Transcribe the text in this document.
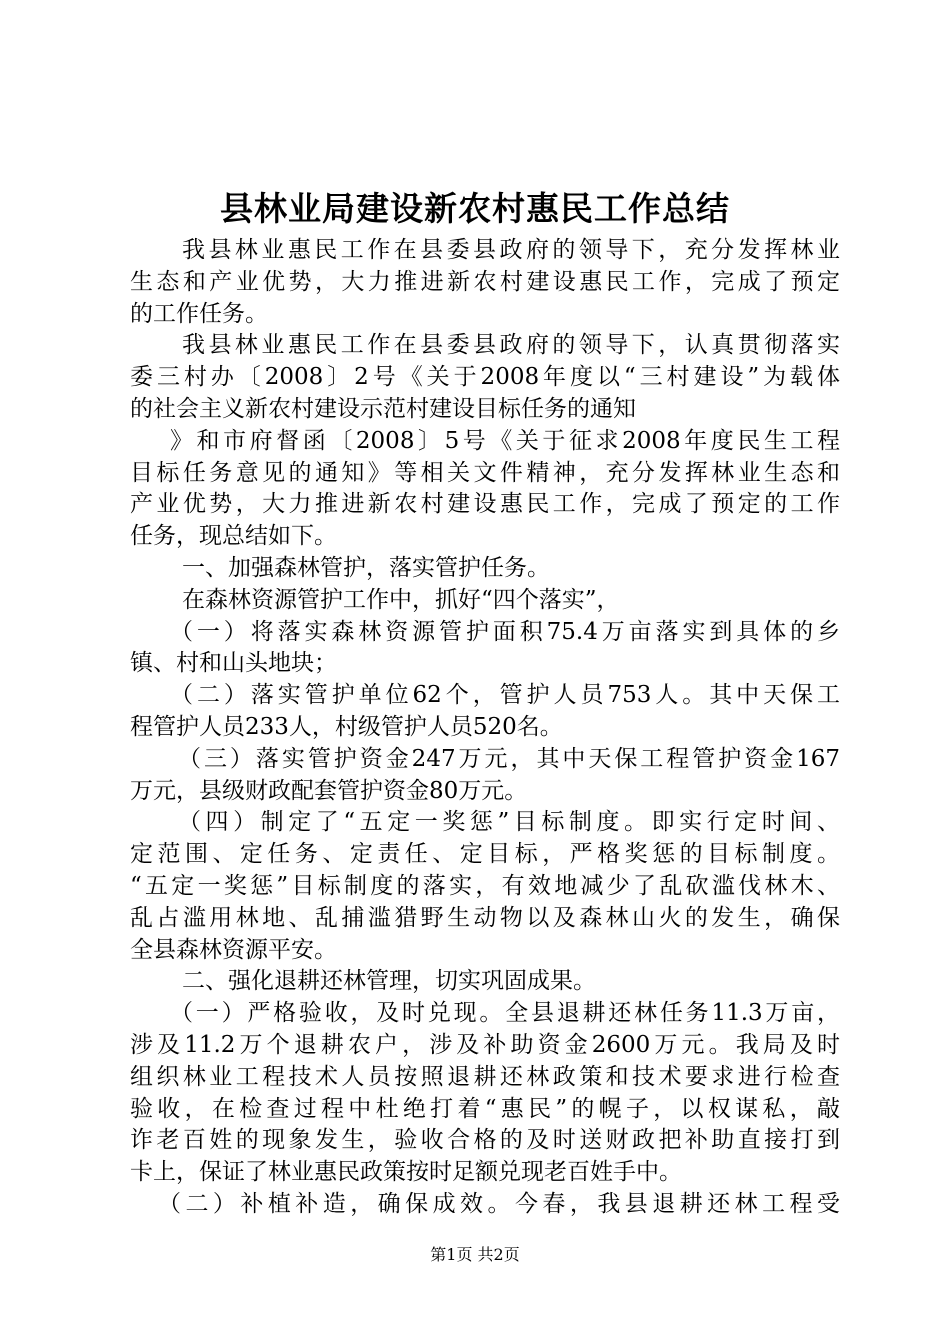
县林业局建设新农村惠民工作总结
我县林业惠民工作在县委县政府的领导下，充分发挥林业
生态和产业优势，大力推进新农村建设惠民工作，完成了预定
的工作任务。
我县林业惠民工作在县委县政府的领导下，认真贯彻落实
委三村办〔2008〕2号《关于2008年度以“三村建设”为载体
的社会主义新农村建设示范村建设目标任务的通知
》和市府督函〔2008〕5号《关于征求2008年度民生工程
目标任务意见的通知》等相关文件精神，充分发挥林业生态和
产业优势，大力推进新农村建设惠民工作，完成了预定的工作
任务，现总结如下。
一、加强森林管护，落实管护任务。
在森林资源管护工作中，抓好“四个落实”，
（一）将落实森林资源管护面积75.4万亩落实到具体的乡
镇、村和山头地块；
（二）落实管护单位62个，管护人员753人。其中天保工
程管护人员233人，村级管护人员520名。
（三）落实管护资金247万元，其中天保工程管护资金167
万元，县级财政配套管护资金80万元。
（四）制定了“五定一奖惩”目标制度。即实行定时间、
定范围、定任务、定责任、定目标，严格奖惩的目标制度。
“五定一奖惩”目标制度的落实，有效地减少了乱砍滥伐林木、
乱占滥用林地、乱捕滥猎野生动物以及森林山火的发生，确保
全县森林资源平安。
二、强化退耕还林管理，切实巩固成果。
（一）严格验收，及时兑现。全县退耕还林任务11.3万亩，
涉及11.2万个退耕农户，涉及补助资金2600万元。我局及时
组织林业工程技术人员按照退耕还林政策和技术要求进行检查
验收，在检查过程中杜绝打着“惠民”的幌子，以权谋私，敲
诈老百姓的现象发生，验收合格的及时送财政把补助直接打到
卡上，保证了林业惠民政策按时足额兑现老百姓手中。
（二）补植补造，确保成效。今春，我县退耕还林工程受
第1页 共2页
